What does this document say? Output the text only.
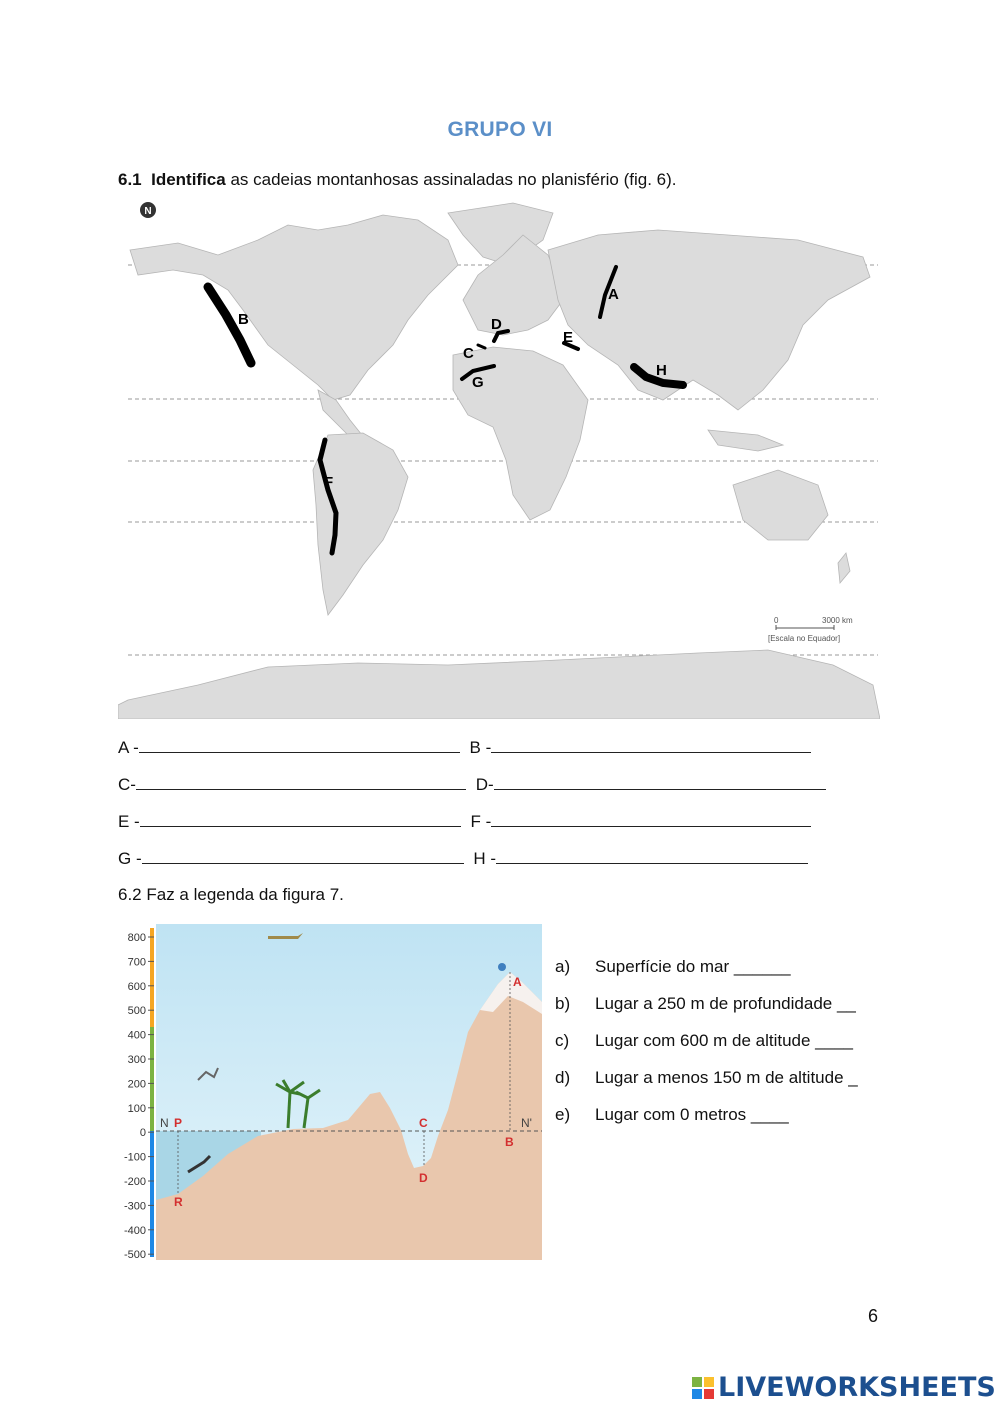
GRUPO VI
6.1 Identifica as cadeias montanhosas assinaladas no planisfério (fig. 6).
A
B
C
D
E
F
G
H
N
0	3000 km
[Escala no Equador]
A -	B -
C-	D-
E -	F -
G -	H -
6.2 Faz a legenda da figura 7.
800
700
600
500
400
300
200
100
0
-100
-200
-300
-400
-500
N P
R
C
D
B
A
N'
a) Superfície do mar ______
b) Lugar a 250 m de profundidade __
c) Lugar com 600 m de altitude ____
d) Lugar a menos 150 m de altitude _
e) Lugar com 0 metros ____
6
LIVEWORKSHEETS
